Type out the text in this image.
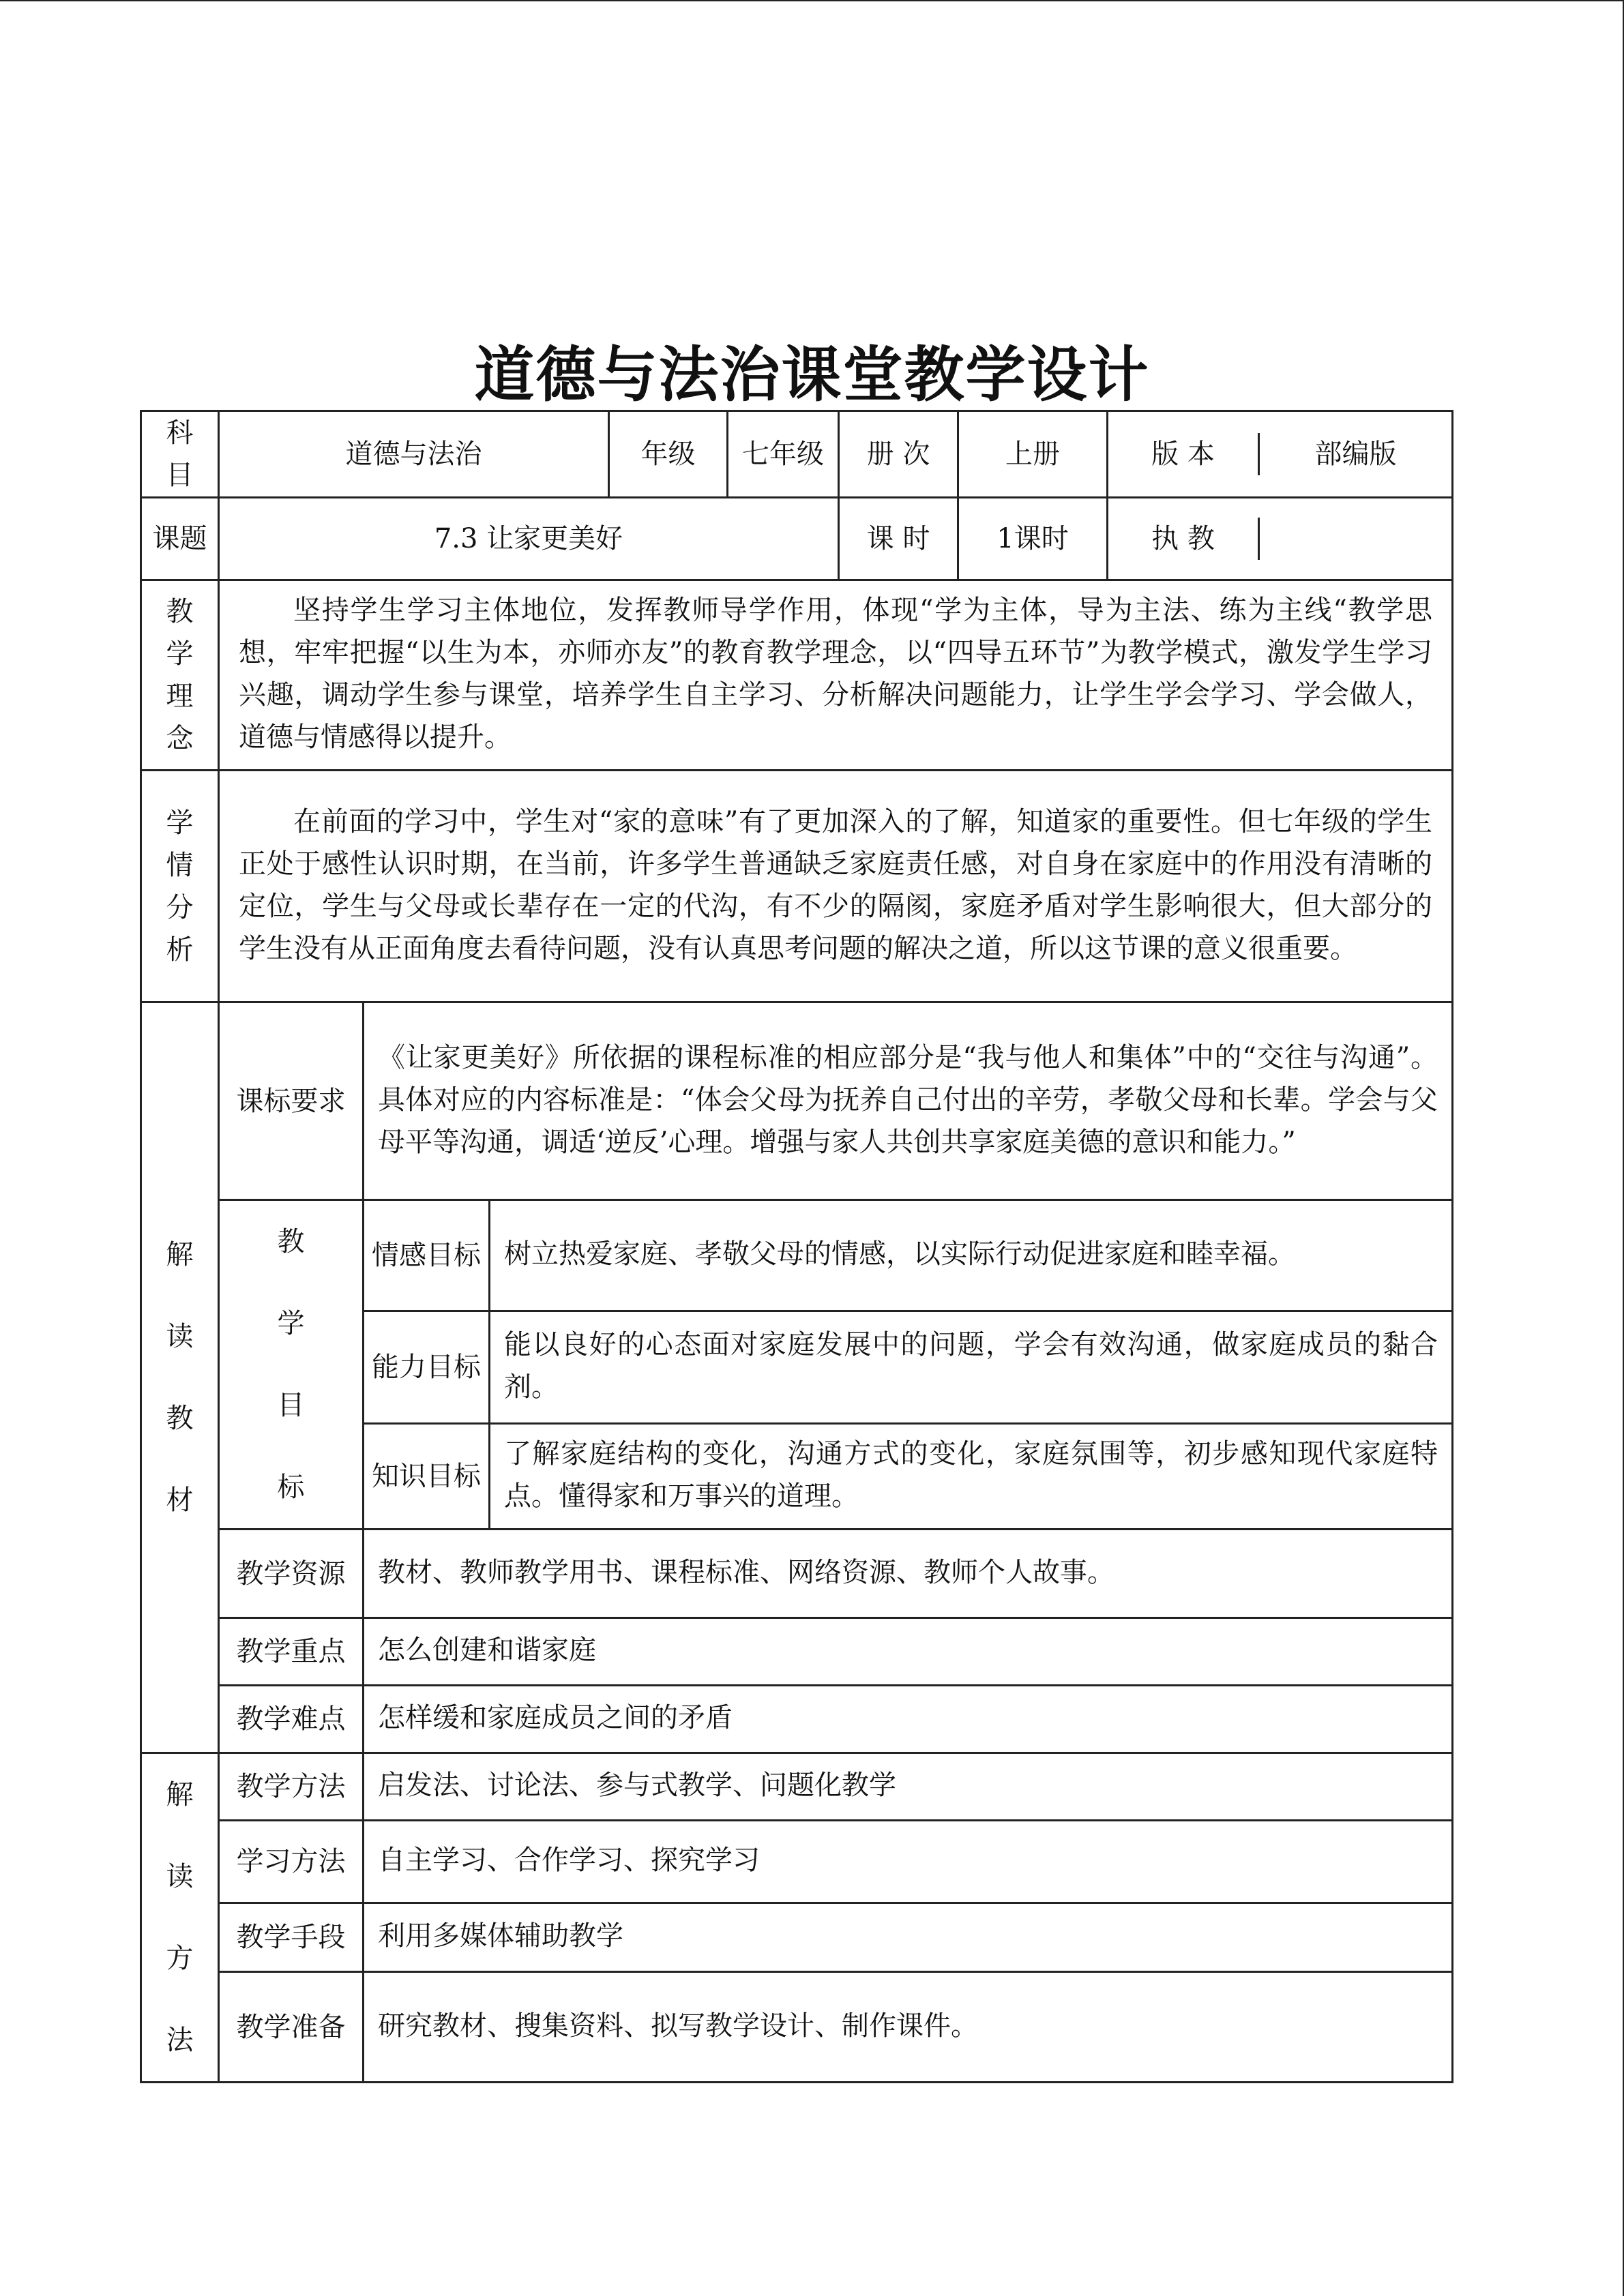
道德与法治课堂教学设计
科
目	道德与法治			年级	七年级	册 次	上册	版 本 部编版

课题	7.3 让家更美好					课 时	1课时	执 教

教
学
理
念	坚持学生学习主体地位，发挥教师导学作用，体现“学为主体，导为主法、练为主线“教学思想，牢牢把握“以生为本，亦师亦友”的教育教学理念，以“四导五环节”为教学模式，激发学生学习兴趣，调动学生参与课堂，培养学生自主学习、分析解决问题能力，让学生学会学习、学会做人，道德与情感得以提升。							

学
情
分
析	在前面的学习中，学生对“家的意味”有了更加深入的了解，知道家的重要性。但七年级的学生正处于感性认识时期，在当前，许多学生普通缺乏家庭责任感，对自身在家庭中的作用没有清晰的定位，学生与父母或长辈存在一定的代沟，有不少的隔阂，家庭矛盾对学生影响很大，但大部分的学生没有从正面角度去看待问题，没有认真思考问题的解决之道，所以这节课的意义很重要。							

解
读
教
材	课标要求	《让家更美好》所依据的课程标准的相应部分是“我与他人和集体”中的“交往与沟通”。具体对应的内容标准是：“体会父母为抚养自己付出的辛劳，孝敬父母和长辈。学会与父母平等沟通，调适‘逆反’心理。增强与家人共创共享家庭美德的意识和能力。”						

	教
学
目
标	情感目标	树立热爱家庭、孝敬父母的情感，以实际行动促进家庭和睦幸福。					
		能力目标	能以良好的心态面对家庭发展中的问题，学会有效沟通，做家庭成员的黏合剂。					
		知识目标	了解家庭结构的变化，沟通方式的变化，家庭氛围等，初步感知现代家庭特点。懂得家和万事兴的道理。					
	教学资源	教材、教师教学用书、课程标准、网络资源、教师个人故事。						
	教学重点	怎么创建和谐家庭						
	教学难点	怎样缓和家庭成员之间的矛盾						

解
读
方
法	教学方法	启发法、讨论法、参与式教学、问题化教学						
	学习方法	自主学习、合作学习、探究学习						
	教学手段	利用多媒体辅助教学						
	教学准备	研究教材、搜集资料、拟写教学设计、制作课件。						
